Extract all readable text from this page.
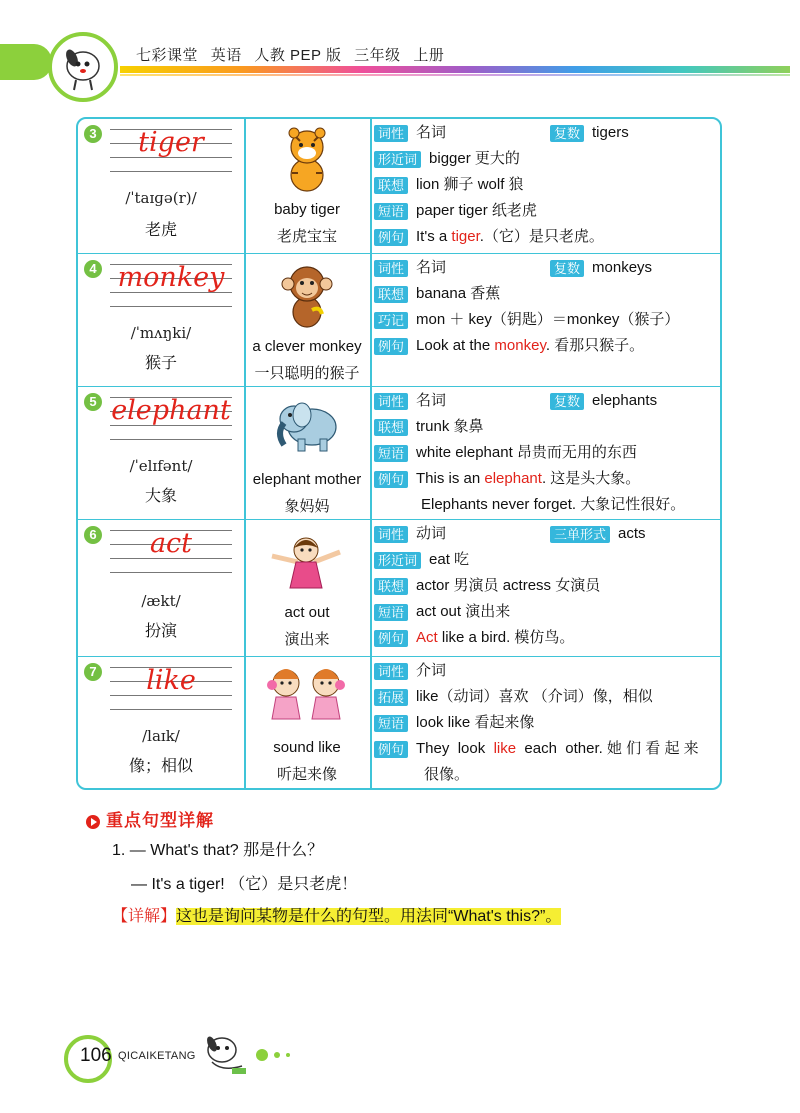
七彩课堂 英语 人教 PEP 版 三年级 上册
3	tiger
/ˈtaɪɡə(r)/
老虎
baby tiger
老虎宝宝
词性 名词	复数 tigers
形近词 bigger 更大的
联想 lion 狮子 wolf 狼
短语 paper tiger 纸老虎
例句 It's a tiger.（它）是只老虎。
4 monkey
/ˈmʌŋki/
猴子
a clever monkey
一只聪明的猴子
词性 名词	复数 monkeys
联想 banana 香蕉
巧记 mon ＋ key（钥匙）＝monkey（猴子）
例句 Look at the monkey. 看那只猴子。
5 elephant
/ˈelɪfənt/
大象
elephant mother
象妈妈
词性 名词	复数 elephants
联想 trunk 象鼻
短语 white elephant 昂贵而无用的东西
例句 This is an elephant. 这是头大象。
Elephants never forget. 大象记性很好。
6	act
/ækt/
扮演
act out
演出来
词性 动词	三单形式 acts
形近词 eat 吃
联想 actor 男演员 actress 女演员
短语 act out 演出来
例句 Act like a bird. 模仿鸟。
7	like
/laɪk/
像；相似
sound like
听起来像
词性 介词
拓展 like（动词）喜欢 （介词）像，相似
短语 look like 看起来像
例句 They  look  like  each  other. 她 们 看 起 来
很像。
重点句型详解
1. — What's that? 那是什么？
— It's a tiger! （它）是只老虎！
【详解】这也是询问某物是什么的句型。用法同“What's this?”。
106 QICAIKETANG
